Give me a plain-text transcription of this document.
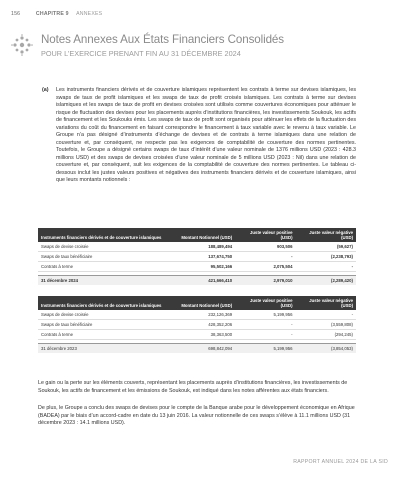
156	CHAPITRE 9 ANNEXES
Notes Annexes Aux États Financiers Consolidés
POUR L’EXERCICE PRENANT FIN AU 31 DÉCEMBRE 2024
(a) Les instruments financiers dérivés et de couverture islamiques représentent les contrats à terme sur devises islamiques, les swaps de taux de profit islamiques et les swaps de taux de profit croisés islamiques. Les contrats à terme sur devises islamiques et les swaps de taux de profit en devises croisées sont utilisés comme couvertures économiques pour atténuer le risque de fluctuation des devises pour les placements auprès d’institutions financières, les investissements Soukouk, les actifs de financement et les Soukouks émis. Les swaps de taux de profit sont organisés pour atténuer les effets de la fluctuation des variations du coût du financement en faisant correspondre le financement à taux variable avec le revenu à taux variable. Le Groupe n’a pas désigné d’instruments d’échange de devises et de contrats à terme islamiques dans une relation de couverture et, par conséquent, ne respecte pas les exigences de comptabilité de couverture des normes pertinentes. Toutefois, le Groupe a désigné certains swaps de taux d’intérêt d’une valeur nominale de 1376 millions USD (2023 : 428.3 millions USD) et des swaps de devises croisées d’une valeur nominale de 5 millions USD (2023 : Nil) dans une relation de couverture et, par conséquent, suit les exigences de la comptabilité de couverture des normes pertinentes. Le tableau ci-dessous inclut les justes valeurs positives et négatives des instruments financiers dérivés et de couverture islamiques, ainsi que leurs montants notionnels :
Instruments financiers dérivés et de couverture islamiques	Montant Notionnel (USD)	Juste valeur positive (USD)	Juste valeur négative (USD)
Swaps de devise croisée	188,489,494	903,506	(59,627)
Swaps de taux bénéficiaire	137,674,750	-	(2,238,793)
Contrats à terme	95,502,166	2,075,504	-

31 décembre 2024	421,666,410	2,979,010	(2,289,420)
Instruments financiers dérivés et de couverture islamiques	Montant Notionnel (USD)	Juste valeur positive (USD)	Juste valeur négative (USD)
Swaps de devise croisée	232,126,369	5,199,956	-
Swaps de taux bénéficiaire	428,352,206	-	(3,559,808)
Contrats à terme	38,363,500	-	(294,245)

31 décembre 2023	698,842,094	5,199,956	(3,854,053)
Le gain ou la perte sur les éléments couverts, représentant les placements auprès d’institutions financières, les investissements de Soukouk, les actifs de financement et les émissions de Soukouk, est indiqué dans les notes afférentes aux états financiers.
De plus, le Groupe a conclu des swaps de devises pour le compte de la Banque arabe pour le développement économique en Afrique (BADEA) par le biais d’un accord-cadre en date du 13 juin 2016. La valeur notionnelle de ces swaps s’élève à 11.1 millions USD (31 décembre 2023 : 14.1 millions USD).
RAPPORT ANNUEL 2024 DE LA SID
